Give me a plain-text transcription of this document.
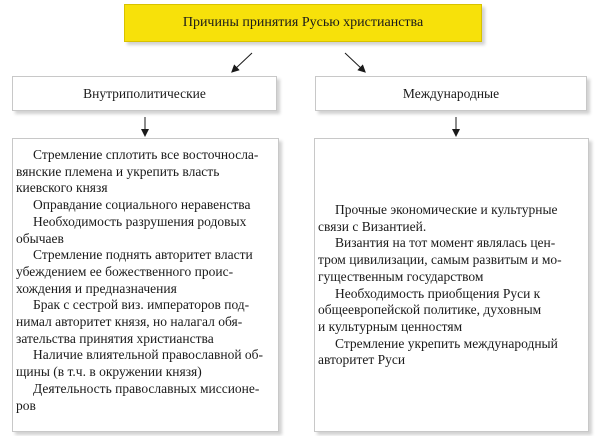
Причины принятия Русью христианства
Внутриполитические	Международные
Стремление сплотить все восточносла-
вянские племена и укрепить власть
киевского князя
Оправдание социального неравенства
Необходимость разрушения родовых
обычаев
Стремление поднять авторитет власти
убеждением ее божественного проис-
хождения и предназначения
Брак с сестрой виз. императоров под-
нимал авторитет князя, но налагал обя-
зательства принятия христианства
Наличие влиятельной православной об-
щины (в т.ч. в окружении князя)
Деятельность православных миссионе-
ров
Прочные экономические и культурные
связи с Византией.
Византия на тот момент являлась цен-
тром цивилизации, самым развитым и мо-
гущественным государством
Необходимость приобщения Руси к
общеевропейской политике, духовным
и культурным ценностям
Стремление укрепить международный
авторитет Руси
